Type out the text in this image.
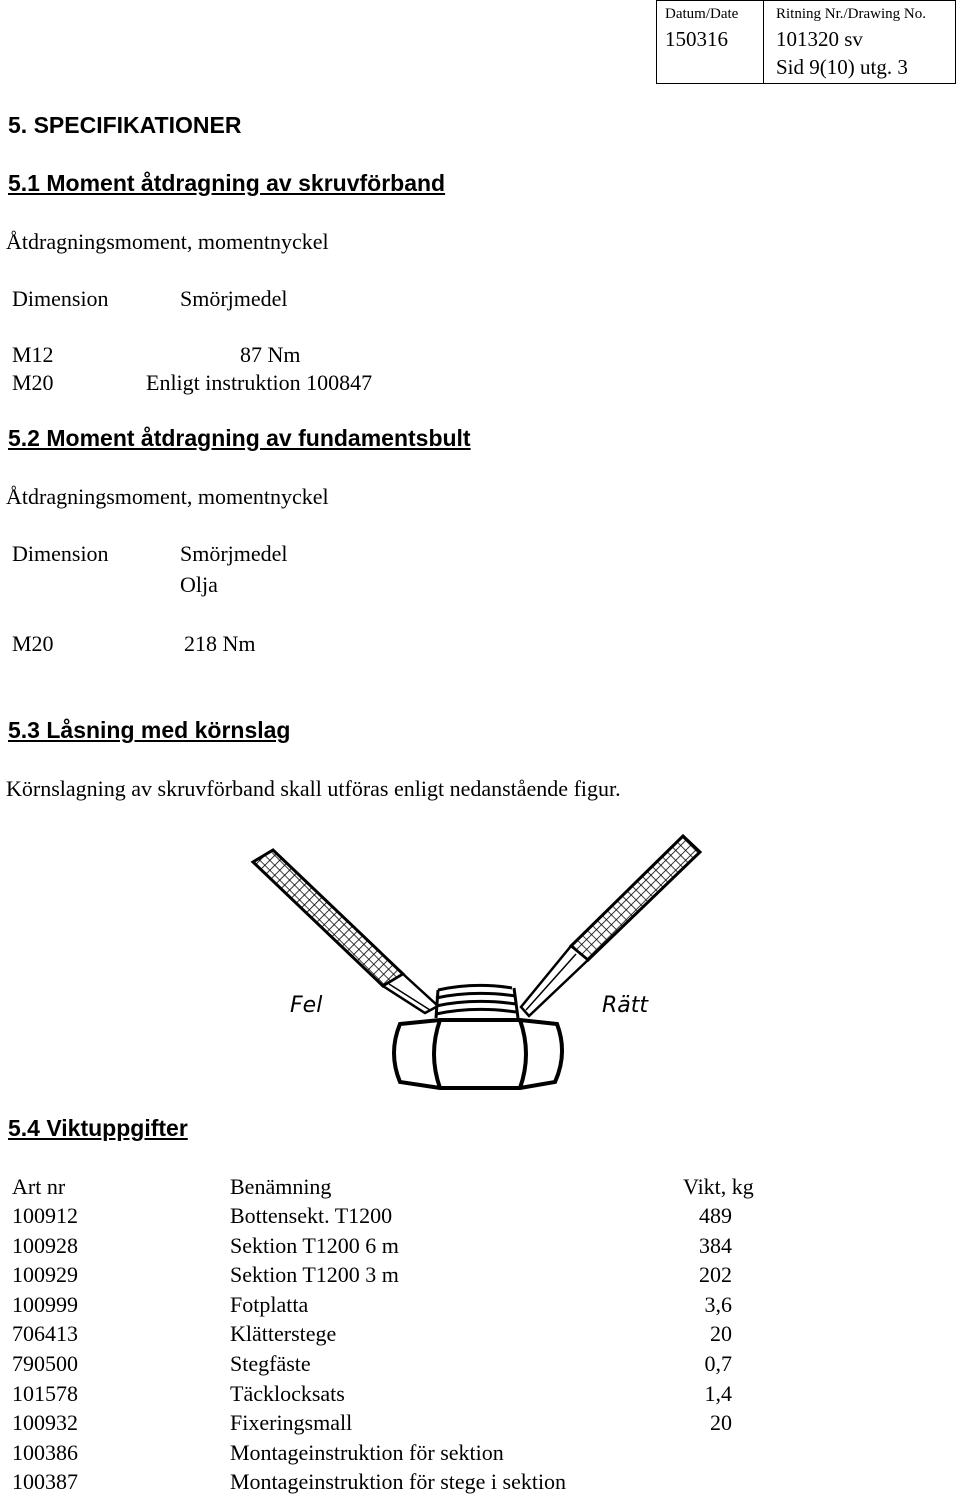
Datum/Date
150316
Ritning Nr./Drawing No.
101320 sv
Sid 9(10) utg. 3
5. SPECIFIKATIONER
5.1 Moment åtdragning av skruvförband
Åtdragningsmoment, momentnyckel
Dimension	Smörjmedel
M12	87 Nm
M20	Enligt instruktion 100847
5.2 Moment åtdragning av fundamentsbult
Åtdragningsmoment, momentnyckel
Dimension	Smörjmedel
Olja
M20	218 Nm
5.3 Låsning med körnslag
Körnslagning av skruvförband skall utföras enligt nedanstående figur.
Fel	Rätt
5.4 Viktuppgifter
Art nr	Benämning	Vikt, kg
100912	Bottensekt. T1200	489
100928	Sektion T1200 6 m	384
100929	Sektion T1200 3 m	202
100999	Fotplatta	3,6
706413	Klätterstege	20
790500	Stegfäste	0,7
101578	Täcklocksats	1,4
100932	Fixeringsmall	20
100386	Montageinstruktion för sektion
100387	Montageinstruktion för stege i sektion
